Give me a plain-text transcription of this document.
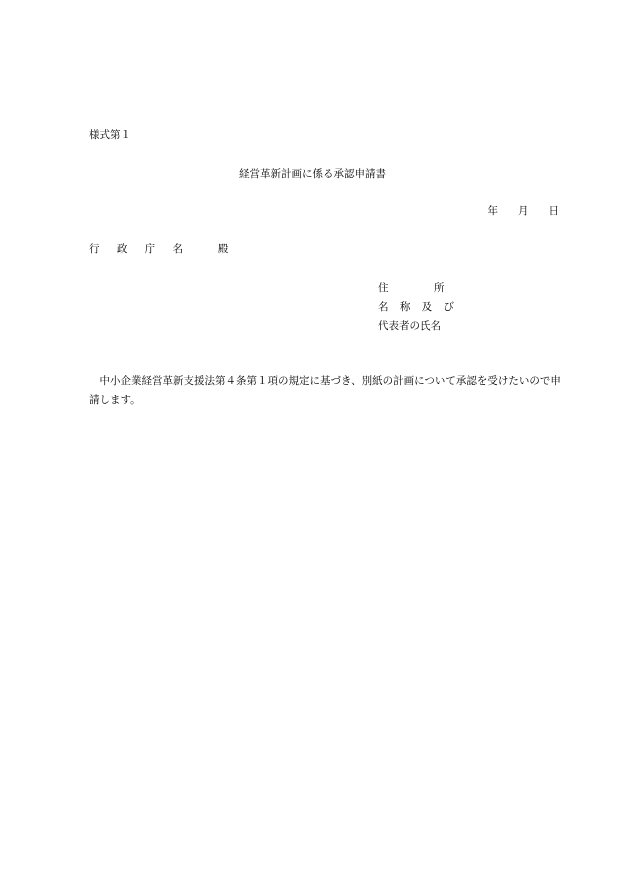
様式第１
経営革新計画に係る承認申請書
年 月 日
行 政 庁 名 　殿
住	所
名 称 及 び
代表者の氏名
中小企業経営革新支援法第４条第１項の規定に基づき、別紙の計画について承認を受けたいので申請します。
